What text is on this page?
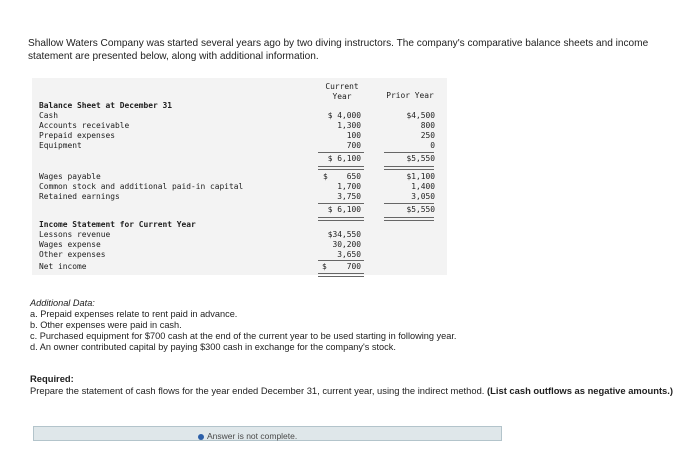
Shallow Waters Company was started several years ago by two diving instructors. The company's comparative balance sheets and income statement are presented below, along with additional information.
Current
Year	Prior Year
Balance Sheet at December 31
Cash	$ 4,000	$4,500
Accounts receivable	1,300	800
Prepaid expenses	100	250
Equipment	700	0
$ 6,100	$5,550
Wages payable	$    650	$1,100
Common stock and additional paid-in capital	1,700	1,400
Retained earnings	3,750	3,050
$ 6,100	$5,550
Income Statement for Current Year
Lessons revenue	$34,550
Wages expense	30,200
Other expenses	3,650
Net income	$	700
Additional Data:
a. Prepaid expenses relate to rent paid in advance.
b. Other expenses were paid in cash.
c. Purchased equipment for $700 cash at the end of the current year to be used starting in following year.
d. An owner contributed capital by paying $300 cash in exchange for the company's stock.
Required:
Prepare the statement of cash flows for the year ended December 31, current year, using the indirect method. (List cash outflows as negative amounts.)
Answer is not complete.
